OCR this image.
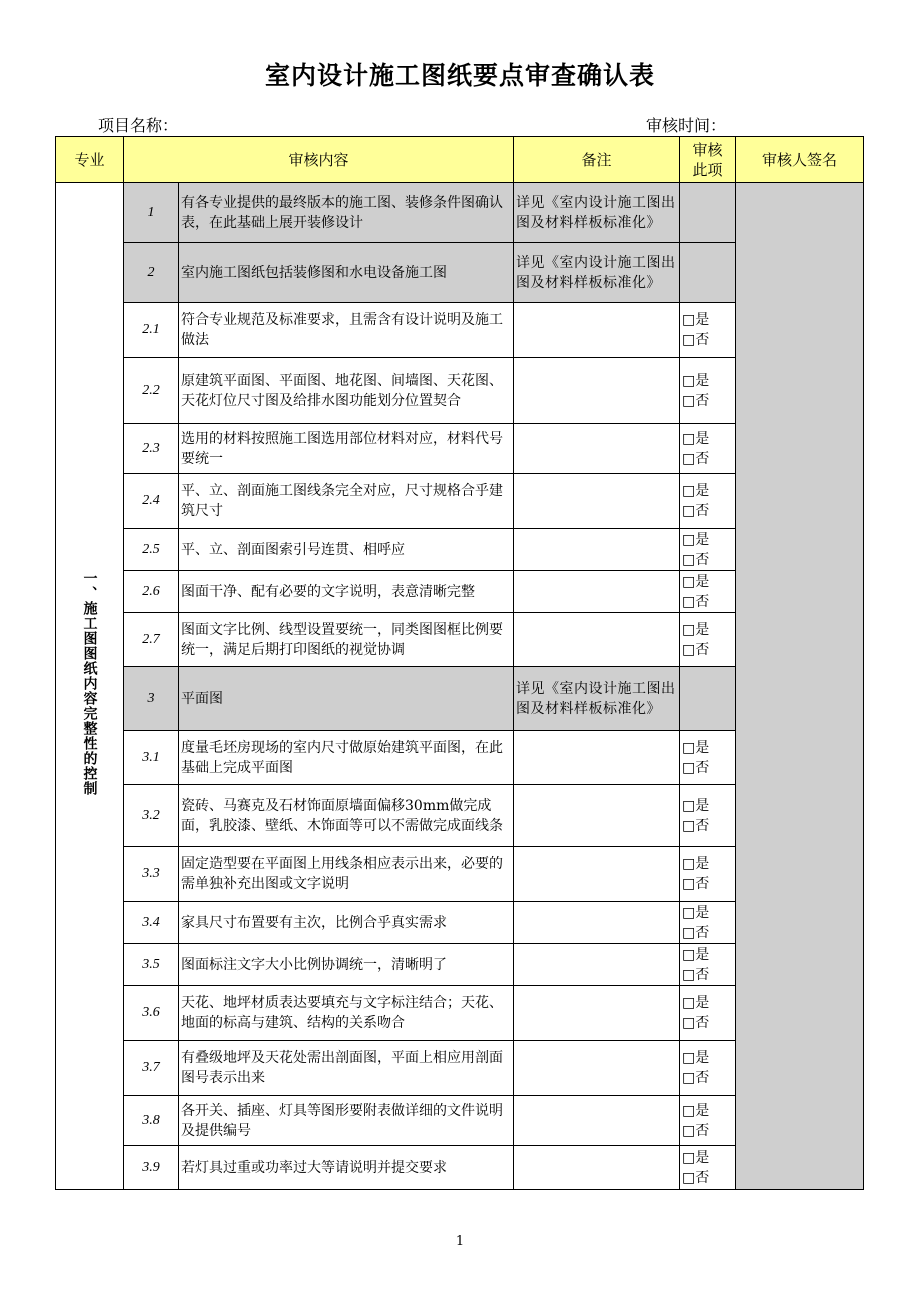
室内设计施工图纸要点审查确认表
项目名称：	审核时间：
专业	审核内容		备注	审核
此项	审核人签名
一、施工图图纸内容完整性的控制	1	有各专业提供的最终版本的施工图、装修条件图确认表，在此基础上展开装修设计	详见《室内设计施工图出图及材料样板标准化》		
	2	室内施工图纸包括装修图和水电设备施工图	详见《室内设计施工图出图及材料样板标准化》		
	2.1	符合专业规范及标准要求，且需含有设计说明及施工做法		□是
□否	
	2.2	原建筑平面图、平面图、地花图、间墙图、天花图、天花灯位尺寸图及给排水图功能划分位置契合		□是
□否	
	2.3	选用的材料按照施工图选用部位材料对应，材料代号要统一		□是
□否	
	2.4	平、立、剖面施工图线条完全对应，尺寸规格合乎建筑尺寸		□是
□否	
	2.5	平、立、剖面图索引号连贯、相呼应		□是
□否	
	2.6	图面干净、配有必要的文字说明，表意清晰完整		□是
□否	
	2.7	图面文字比例、线型设置要统一，同类图图框比例要统一，满足后期打印图纸的视觉协调		□是
□否	
	3	平面图	详见《室内设计施工图出图及材料样板标准化》		
	3.1	度量毛坯房现场的室内尺寸做原始建筑平面图，在此基础上完成平面图		□是
□否	
	3.2	瓷砖、马赛克及石材饰面原墙面偏移30mm做完成面，乳胶漆、壁纸、木饰面等可以不需做完成面线条		□是
□否	
	3.3	固定造型要在平面图上用线条相应表示出来，必要的需单独补充出图或文字说明		□是
□否	
	3.4	家具尺寸布置要有主次，比例合乎真实需求		□是
□否	
	3.5	图面标注文字大小比例协调统一，清晰明了		□是
□否	
	3.6	天花、地坪材质表达要填充与文字标注结合；天花、地面的标高与建筑、结构的关系吻合		□是
□否	
	3.7	有叠级地坪及天花处需出剖面图，平面上相应用剖面图号表示出来		□是
□否	
	3.8	各开关、插座、灯具等图形要附表做详细的文件说明及提供编号		□是
□否	
	3.9	若灯具过重或功率过大等请说明并提交要求		□是
□否	
1
